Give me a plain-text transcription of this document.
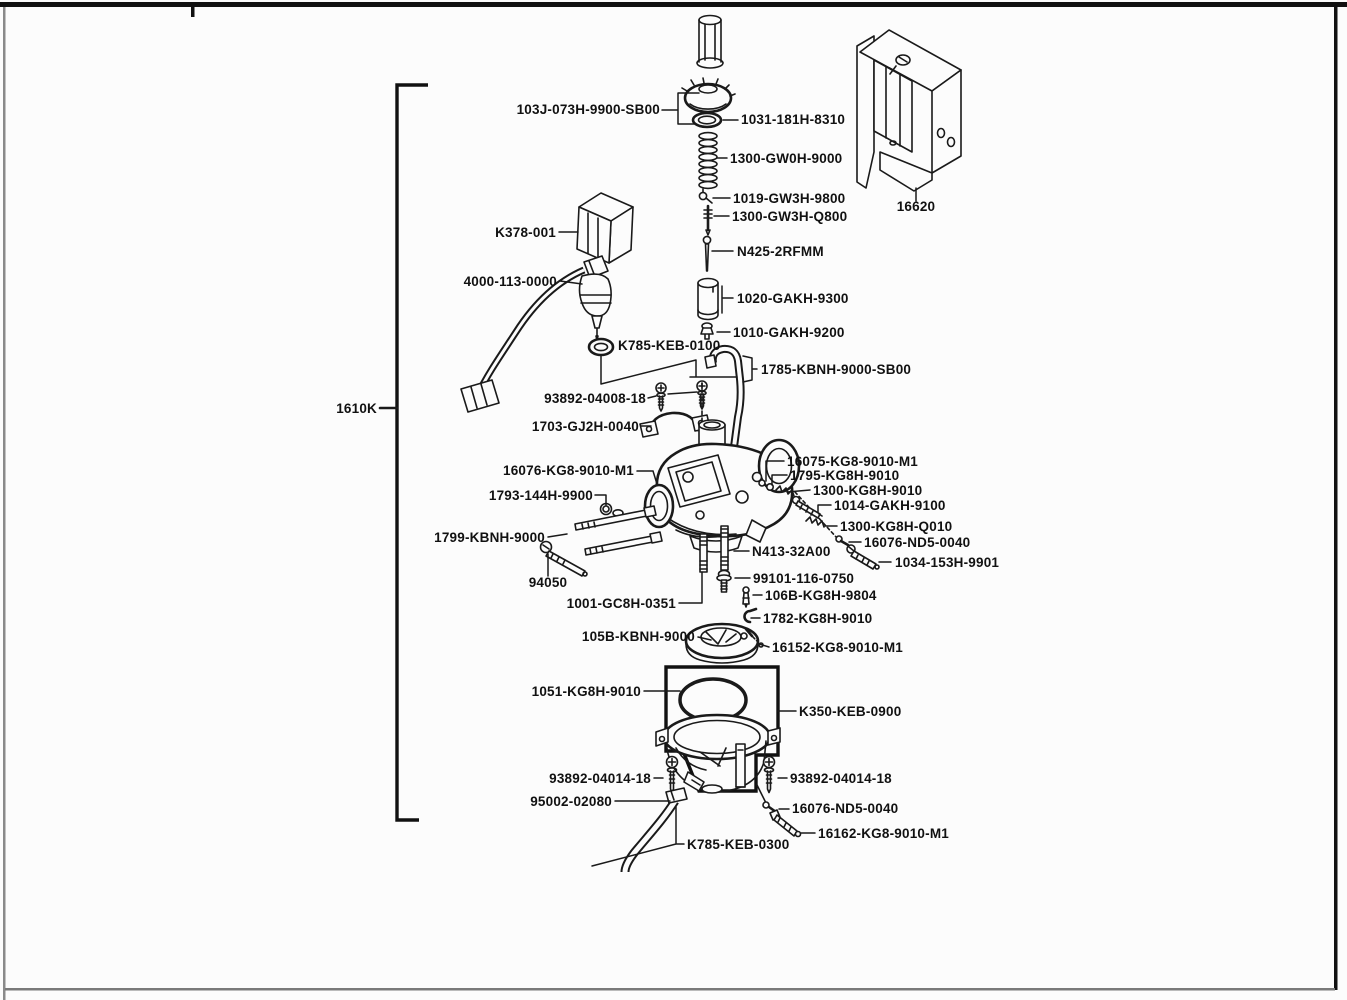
103J-073H-9900-SB00
1031-181H-8310
1300-GW0H-9000
1019-GW3H-9800
1300-GW3H-Q800
N425-2RFMM
1020-GAKH-9300
1010-GAKH-9200
K378-001
4000-113-0000
16620
K785-KEB-0100
1785-KBNH-9000-SB00
93892-04008-18
1703-GJ2H-0040
16076-KG8-9010-M1
1793-144H-9900
16075-KG8-9010-M1
1795-KG8H-9010
1300-KG8H-9010
1014-GAKH-9100
1300-KG8H-Q010
16076-ND5-0040
1034-153H-9901
1799-KBNH-9000
N413-32A00
94050	99101-116-0750
1001-GC8H-0351
106B-KG8H-9804
1782-KG8H-9010
105B-KBNH-9000
16152-KG8-9010-M1
1051-KG8H-9010
K350-KEB-0900
93892-04014-18	93892-04014-18
95002-02080	16076-ND5-0040
16162-KG8-9010-M1
K785-KEB-0300
1610K
